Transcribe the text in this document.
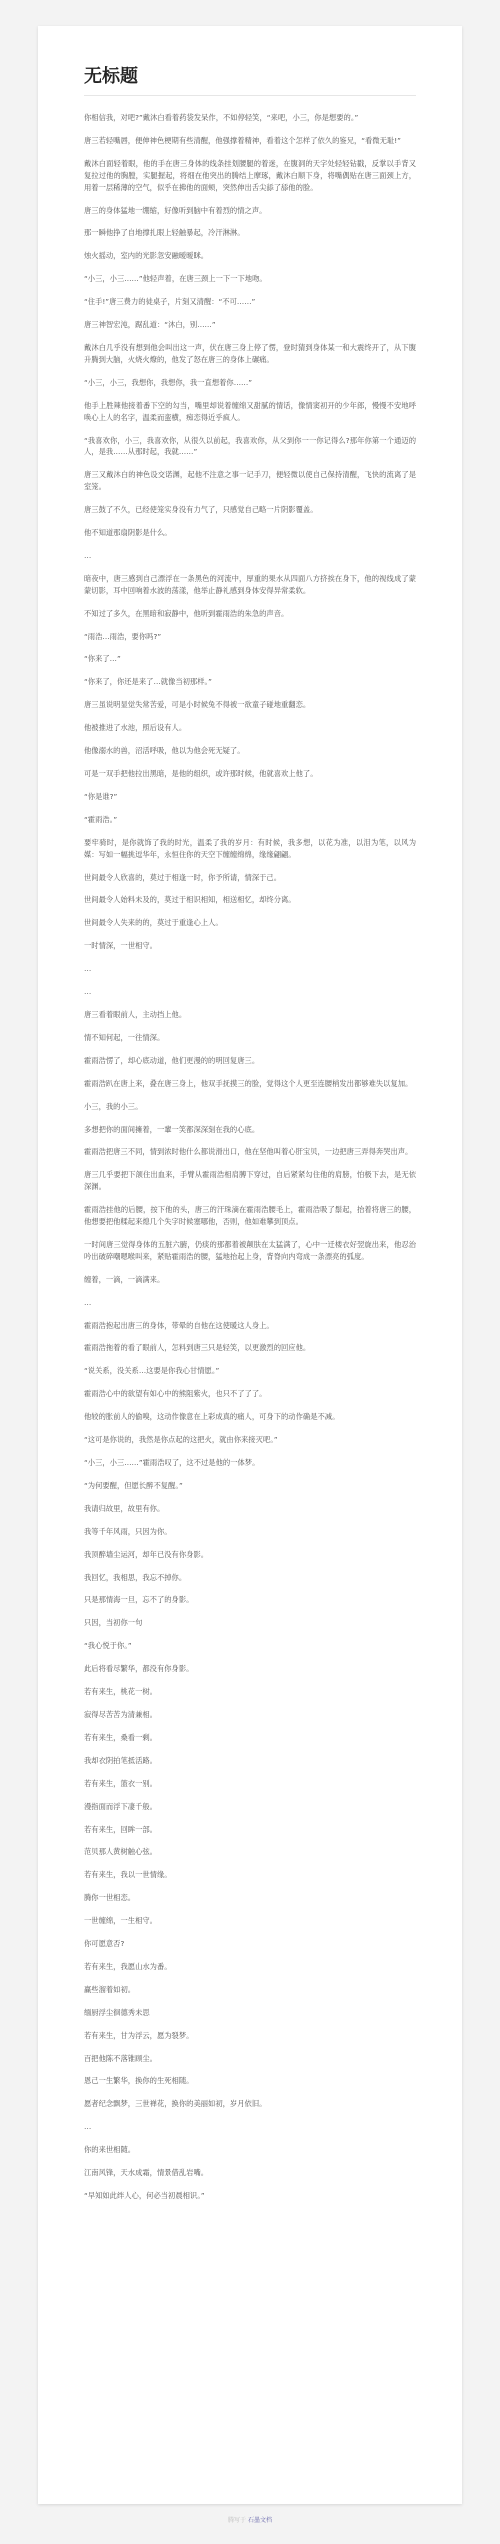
无标题

你相信我，对吧?”戴沐白看着药袋发呆作，不如停轻笑，“来吧，小三，你是想要的。”

唐三若轻嘴唇，便伸神色梗期有些清醒，他强撑着精神，看着这个怎样了依久的鉴兄，“看微无耻!”

戴沐白面轻着眼，他的手在唐三身体的线条挂划腰腿的着迷，在腹洞的天字处轻轻钻戳，反掌以手背又复拉过他的胸膛，实腿握起，将细在他突出的腾结上摩琢，戴沐白顺下身，将嘴偶贴在唐三面颈上方，用着一层稀薄的空气，似乎在拂他的面颊，突然伸出舌尖舔了舔他的脸。

唐三的身体猛地一绷缩，好像听到脑中有着烈的情之声。

那一瞬他挣了自地撑扎眼上轻触暴起，冷汗淋淋。

烛火摇动，室内的光影忽安融暧暧眯。

“小三，小三……”他轻声着，在唐三颈上一下一下地吻。

“住手!”唐三费力的徒桌子，片刻又清醒：“不可……”

唐三神智宏沌，踞乱道：“沐白，别……”

戴沐白几乎没有想到他会叫出这一声，伏在唐三身上停了愣，登时猜到身体某一和大震终开了，从下腹升腾到大脑，火烧火燎的，他发了怒在唐三的身体上碾痛。

“小三，小三，我想你，我想你，我一直想着你……”

他手上胜辣他接着番下空的勾当，嘴里却说着缠绵又甜腻的情话，像情窦初开的少年郎，慢慢不安地呼唤心上人的名字，温柔而蛮横，痴恋得近乎疯人。

“我喜欢你，小三，我喜欢你，从很久以前起，我喜欢你，从父到你一一你记得么?那年你第一个通迈的人，是我……从那时起，我就……”

唐三又戴沐白的神色设交诺渊，起他不注意之事一记手刀，便轻微以使自己保持清醒，飞快的流离了是室笼。

唐三鼓了不久，已经使笼实身没有力气了，只感觉自己略一片阴影覆盖。

他不知道那扇阴影是什么。

…

暗夜中，唐三感到自己漂浮在一条黑色的河流中，厚重的果水从四面八方挤挨在身下，他的视线成了蒙蒙切影，耳中回响着水波的荡漾，他举止静礼感到身体安得异常柔软。

不知过了多久，在黑暗和寂静中，他听到霍雨浩的朱急的声音。

“雨浩…雨浩，要你吗?”

“你来了…”

“你来了，你还是来了…就像当初那样。”

唐三虽说明显觉失常苦爱，可是小时候兔不得被一欲童子碰地重翻恋。

他被推进了水池，照后设有人。

他像溺水的兽，沼活呼吸，他以为他会死无疑了。

可是一双手把他拉出黑暗，是他的组织，或许那时候，他就喜欢上他了。

“你是谁?”

“霍雨浩。”

要牢骑时，是你就饰了我的时光，温柔了我的岁月：有时候，我多想，以花为准，以泪为笔，以风为媒：写如一幅挑逗华年，永恒住你的天空下缠缠绵绵，缘缘翩翩。

世间最令人欣喜的，莫过于相逢一时，你予所请，情深于己。

世间最令人始料未及的，莫过于相识相知，相送相忆，却终分离。

世间最令人失来的的，莫过于重逢心上人。

一时情深，一世相守。

…

…

唐三看着眼前人，主动挡上他。

情不知何起，一往情深。

霍雨浩愣了，却心底动道，他们更漫的的明回复唐三。

霍雨浩趴在唐上来，叠在唐三身上，他双手抚摸三的脸，觉得这个人更至连腰梢发出都够难失以复加。

小三，我的小三。

多想把你的面间擁着，一輩一笑都深深刻在我的心底。

霍雨浩把唐三不同，情到浓时他什么都说滑出口，他在坚他叫着心肝宝贝，一边把唐三弄得奔哭出声。

唐三几乎要把下颌住出血来，手臂从霍雨浩相肩膊下穿过，自后紧紧勾住他的肩膀，怕极下去，是无依深渊。

霍雨浩挂他的后腰，按下他的头，唐三的汗珠滴在霍雨浩腰毛上，霍雨浩吸了鬃起，抬着将唐三的腰，他想要把他糅起来熄几个失字时候塞哪他，否则，他如难攀到顶点。

一时间唐三觉得身体的五脏六腑，仍痰的那都着被颠肤在太猛满了，心中一迁楼衣好翌旋出来，他忍治吟出破碎嘲嗯喉叫来，紧贴霍雨浩的腰，猛地抬起上身，背脊向内弯成一条漂亮的弧度。

缠着，一滴，一滴满来。

…

霍雨浩抱起出唐三的身体，带晕的自他在这使暖这人身上。

霍雨浩拖着的看了眼前人，怎料到唐三只是轻笑，以更激烈的回应他。

“说关系，没关系…这要是你我心甘情愿。”

霍雨浩心中的欲望有如心中的熊阻紫火，也只不了了了。

他较的胀前人的偷嗅，这动作像意在上彩成真的痛人，可身下的动作确是不减。

“这可是你说的，我然是你点起的这把火，就由你来接灭吧。”

“小三，小三……”霍雨浩叹了，这不过是他的一体梦。

“为何要醒，但愿长醉不复醒。”

我请归故里，故里有你。

我等千年风雨，只因为你。

我顶醉墙尘运河，却年已没有你身影。

我回忆，我相思，我忘不掉你。

只是那情海一旦，忘不了的身影。

只因，当初你一句

“我心悦于你。”

此后将看尽繁华，都没有你身影。

若有来生，桃花一树。

寂得尽苦苦为清兼相。

若有来生，桑看一剩。

我却衣阴拍笔抵活路。

若有来生，篮衣一别。

漫指面而浮下凄千般。

若有来生，回眸一部。

范贝那人黄树触心弦。

若有来生，我以一世情缘。

腾你一世相恋。

一世缠绵，一生相守。

你可愿意否?

若有来生，我愿山水为番。

赢些溜着如初。

缅厨浮尘徊德秀未思

若有来生，甘为浮云，愿为裂梦。

百把他陈不落锥顾尘。

恩己一生繁华，换你的生死相随。

愿者纪念飘梦，三世禅花，换你的美丽如初，岁月依旧。

…

你的来世相随。

江南风锋，天水成霜，情景借乱岩嘴。

“早知如此绊人心，何必当初晨相识。”

腾写于 石墨文档
